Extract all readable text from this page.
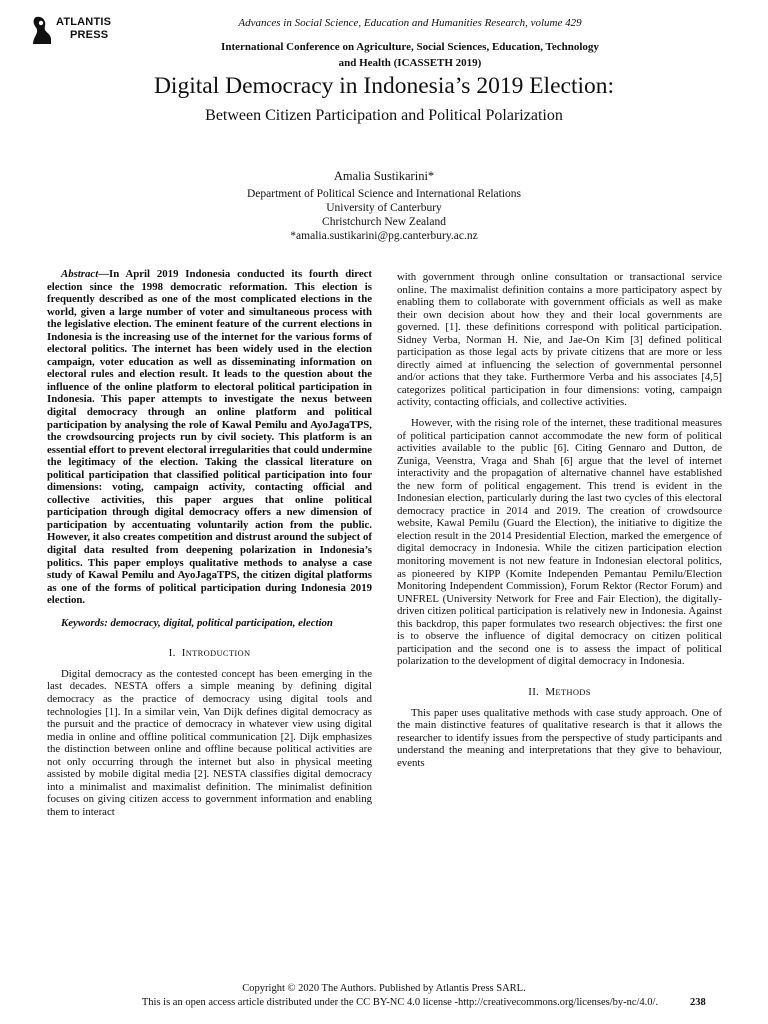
ATLANTIS
PRESS
Advances in Social Science, Education and Humanities Research, volume 429
International Conference on Agriculture, Social Sciences, Education, Technology
and Health (ICASSETH 2019)
Digital Democracy in Indonesia’s 2019 Election:
Between Citizen Participation and Political Polarization
Amalia Sustikarini*
Department of Political Science and International Relations
University of Canterbury
Christchurch New Zealand
*amalia.sustikarini@pg.canterbury.ac.nz

Abstract—In April 2019 Indonesia conducted its fourth direct election since the 1998 democratic reformation. This election is frequently described as one of the most complicated elections in the world, given a large number of voter and simultaneous process with the legislative election. The eminent feature of the current elections in Indonesia is the increasing use of the internet for the various forms of electoral politics. The internet has been widely used in the election campaign, voter education as well as disseminating information on electoral rules and election result. It leads to the question about the influence of the online platform to electoral political participation in Indonesia. This paper attempts to investigate the nexus between digital democracy through an online platform and political participation by analysing the role of Kawal Pemilu and AyoJagaTPS, the crowdsourcing projects run by civil society. This platform is an essential effort to prevent electoral irregularities that could undermine the legitimacy of the election. Taking the classical literature on political participation that classified political participation into four dimensions: voting, campaign activity, contacting official and collective activities, this paper argues that online political participation through digital democracy offers a new dimension of participation by accentuating voluntarily action from the public. However, it also creates competition and distrust around the subject of digital data resulted from deepening polarization in Indonesia’s politics. This paper employs qualitative methods to analyse a case study of Kawal Pemilu and AyoJagaTPS, the citizen digital platforms as one of the forms of political participation during Indonesia 2019 election.

Keywords: democracy, digital, political participation, election

I. INTRODUCTION

Digital democracy as the contested concept has been emerging in the last decades. NESTA offers a simple meaning by defining digital democracy as the practice of democracy using digital tools and technologies [1]. In a similar vein, Van Dijk defines digital democracy as the pursuit and the practice of democracy in whatever view using digital media in online and offline political communication [2]. Dijk emphasizes the distinction between online and offline because political activities are not only occurring through the internet but also in physical meeting assisted by mobile digital media [2]. NESTA classifies digital democracy into a minimalist and maximalist definition. The minimalist definition focuses on giving citizen access to government information and enabling them to interact

with government through online consultation or transactional service online. The maximalist definition contains a more participatory aspect by enabling them to collaborate with government officials as well as make their own decision about how they and their local governments are governed. [1]. these definitions correspond with political participation. Sidney Verba, Norman H. Nie, and Jae-On Kim [3] defined political participation as those legal acts by private citizens that are more or less directly aimed at influencing the selection of governmental personnel and/or actions that they take. Furthermore Verba and his associates [4,5] categorizes political participation in four dimensions: voting, campaign activity, contacting officials, and collective activities.

However, with the rising role of the internet, these traditional measures of political participation cannot accommodate the new form of political activities available to the public [6]. Citing Gennaro and Dutton, de Zuniga, Veenstra, Vraga and Shah [6] argue that the level of internet interactivity and the propagation of alternative channel have established the new form of political engagement. This trend is evident in the Indonesian election, particularly during the last two cycles of this electoral democracy practice in 2014 and 2019. The creation of crowdsource website, Kawal Pemilu (Guard the Election), the initiative to digitize the election result in the 2014 Presidential Election, marked the emergence of digital democracy in Indonesia. While the citizen participation election monitoring movement is not new feature in Indonesian electoral politics, as pioneered by KIPP (Komite Independen Pemantau Pemilu/Election Monitoring Independent Commission), Forum Rektor (Rector Forum) and UNFREL (University Network for Free and Fair Election), the digitally-driven citizen political participation is relatively new in Indonesia. Against this backdrop, this paper formulates two research objectives: the first one is to observe the influence of digital democracy on citizen political participation and the second one is to assess the impact of political polarization to the development of digital democracy in Indonesia.

II. METHODS

This paper uses qualitative methods with case study approach. One of the main distinctive features of qualitative research is that it allows the researcher to identify issues from the perspective of study participants and understand the meaning and interpretations that they give to behaviour, events

Copyright © 2020 The Authors. Published by Atlantis Press SARL.
This is an open access article distributed under the CC BY-NC 4.0 license -http://creativecommons.org/licenses/by-nc/4.0/.	238
